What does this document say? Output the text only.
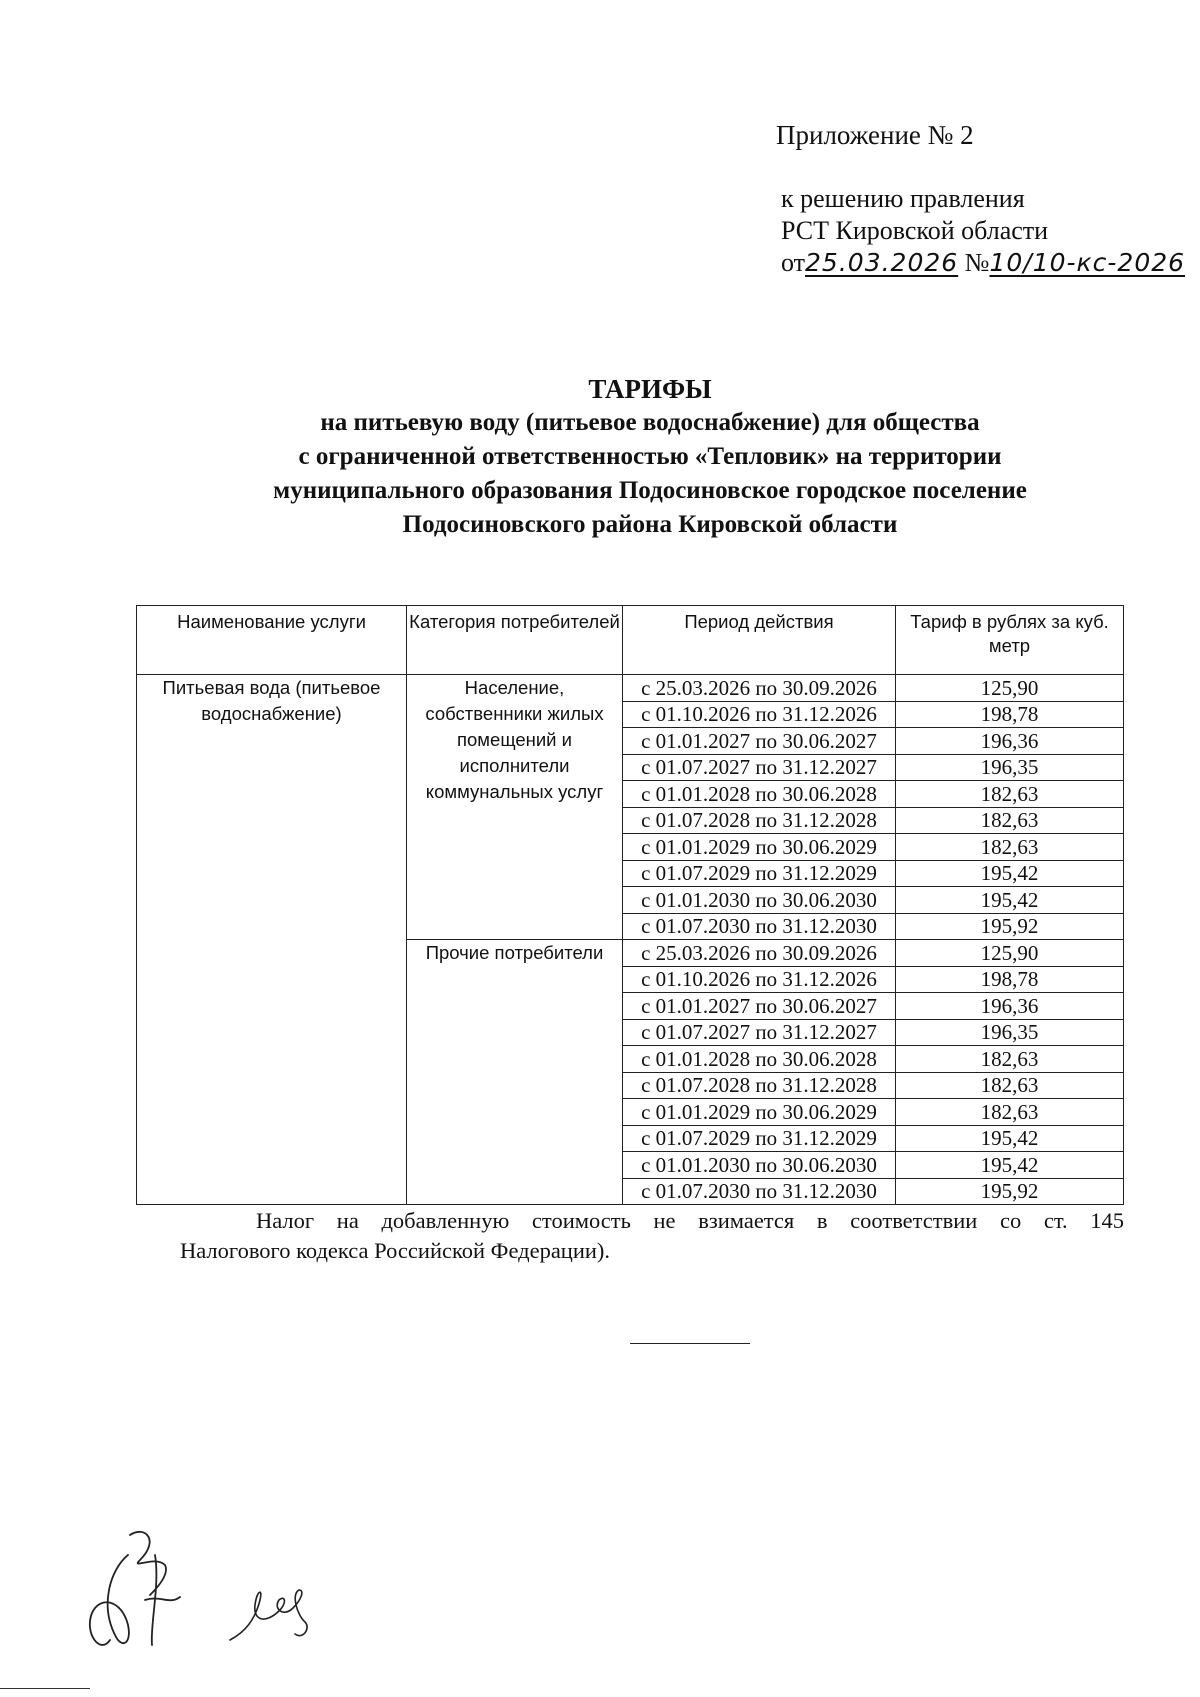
Приложение № 2
к решению правления
РСТ Кировской области
от25.03.2026 №10/10-кс-2026
ТАРИФЫ
на питьевую воду (питьевое водоснабжение) для общества
с ограниченной ответственностью «Тепловик» на территории
муниципального образования Подосиновское городское поселение
Подосиновского района Кировской области
Наименование услуги	Категория потребителей	Период действия	Тариф в рублях за куб. метр
Питьевая вода (питьевое водоснабжение)	Население, собственники жилых помещений и исполнители коммунальных услуг	с 25.03.2026 по 30.09.2026	125,90
		с 01.10.2026 по 31.12.2026	198,78
		с 01.01.2027 по 30.06.2027	196,36
		с 01.07.2027 по 31.12.2027	196,35
		с 01.01.2028 по 30.06.2028	182,63
		с 01.07.2028 по 31.12.2028	182,63
		с 01.01.2029 по 30.06.2029	182,63
		с 01.07.2029 по 31.12.2029	195,42
		с 01.01.2030 по 30.06.2030	195,42
		с 01.07.2030 по 31.12.2030	195,92
	Прочие потребители	с 25.03.2026 по 30.09.2026	125,90
		с 01.10.2026 по 31.12.2026	198,78
		с 01.01.2027 по 30.06.2027	196,36
		с 01.07.2027 по 31.12.2027	196,35
		с 01.01.2028 по 30.06.2028	182,63
		с 01.07.2028 по 31.12.2028	182,63
		с 01.01.2029 по 30.06.2029	182,63
		с 01.07.2029 по 31.12.2029	195,42
		с 01.01.2030 по 30.06.2030	195,42
		с 01.07.2030 по 31.12.2030	195,92
Налог на добавленную стоимость не взимается в соответствии со ст. 145
Налогового кодекса Российской Федерации).
